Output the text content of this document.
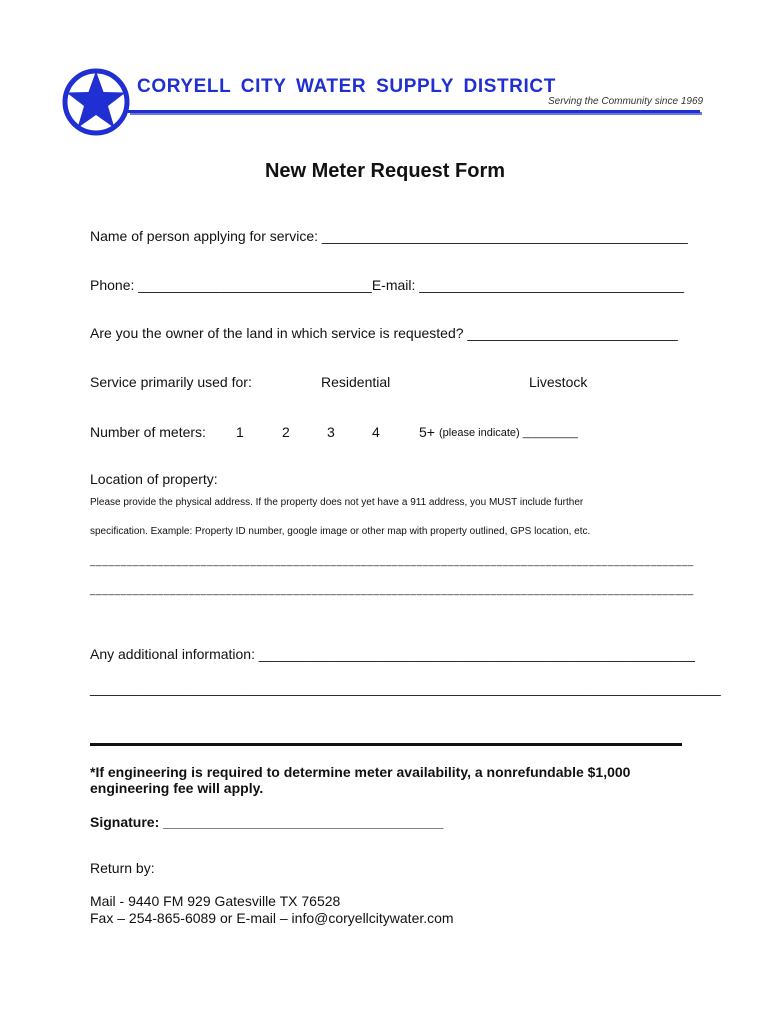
CORYELL CITY WATER SUPPLY DISTRICT
Serving the Community since 1969
New Meter Request Form
Name of person applying for service: _______________________________________________
Phone: ______________________________E-mail: __________________________________
Are you the owner of the land in which service is requested? ___________________________
Service primarily used for:	Residential	Livestock
Number of meters: 1	2	3	4	5+ (please indicate) _________
Location of property:
Please provide the physical address. If the property does not yet have a 911 address, you MUST include further
specification. Example: Property ID number, google image or other map with property outlined, GPS location, etc.
__________________________________________________________________________________________________
__________________________________________________________________________________________________
Any additional information: ________________________________________________________
_________________________________________________________________________________
*If engineering is required to determine meter availability, a nonrefundable $1,000
engineering fee will apply.
Signature: ____________________________________
Return by:
Mail - 9440 FM 929 Gatesville TX 76528
Fax – 254-865-6089 or E-mail – info@coryellcitywater.com
